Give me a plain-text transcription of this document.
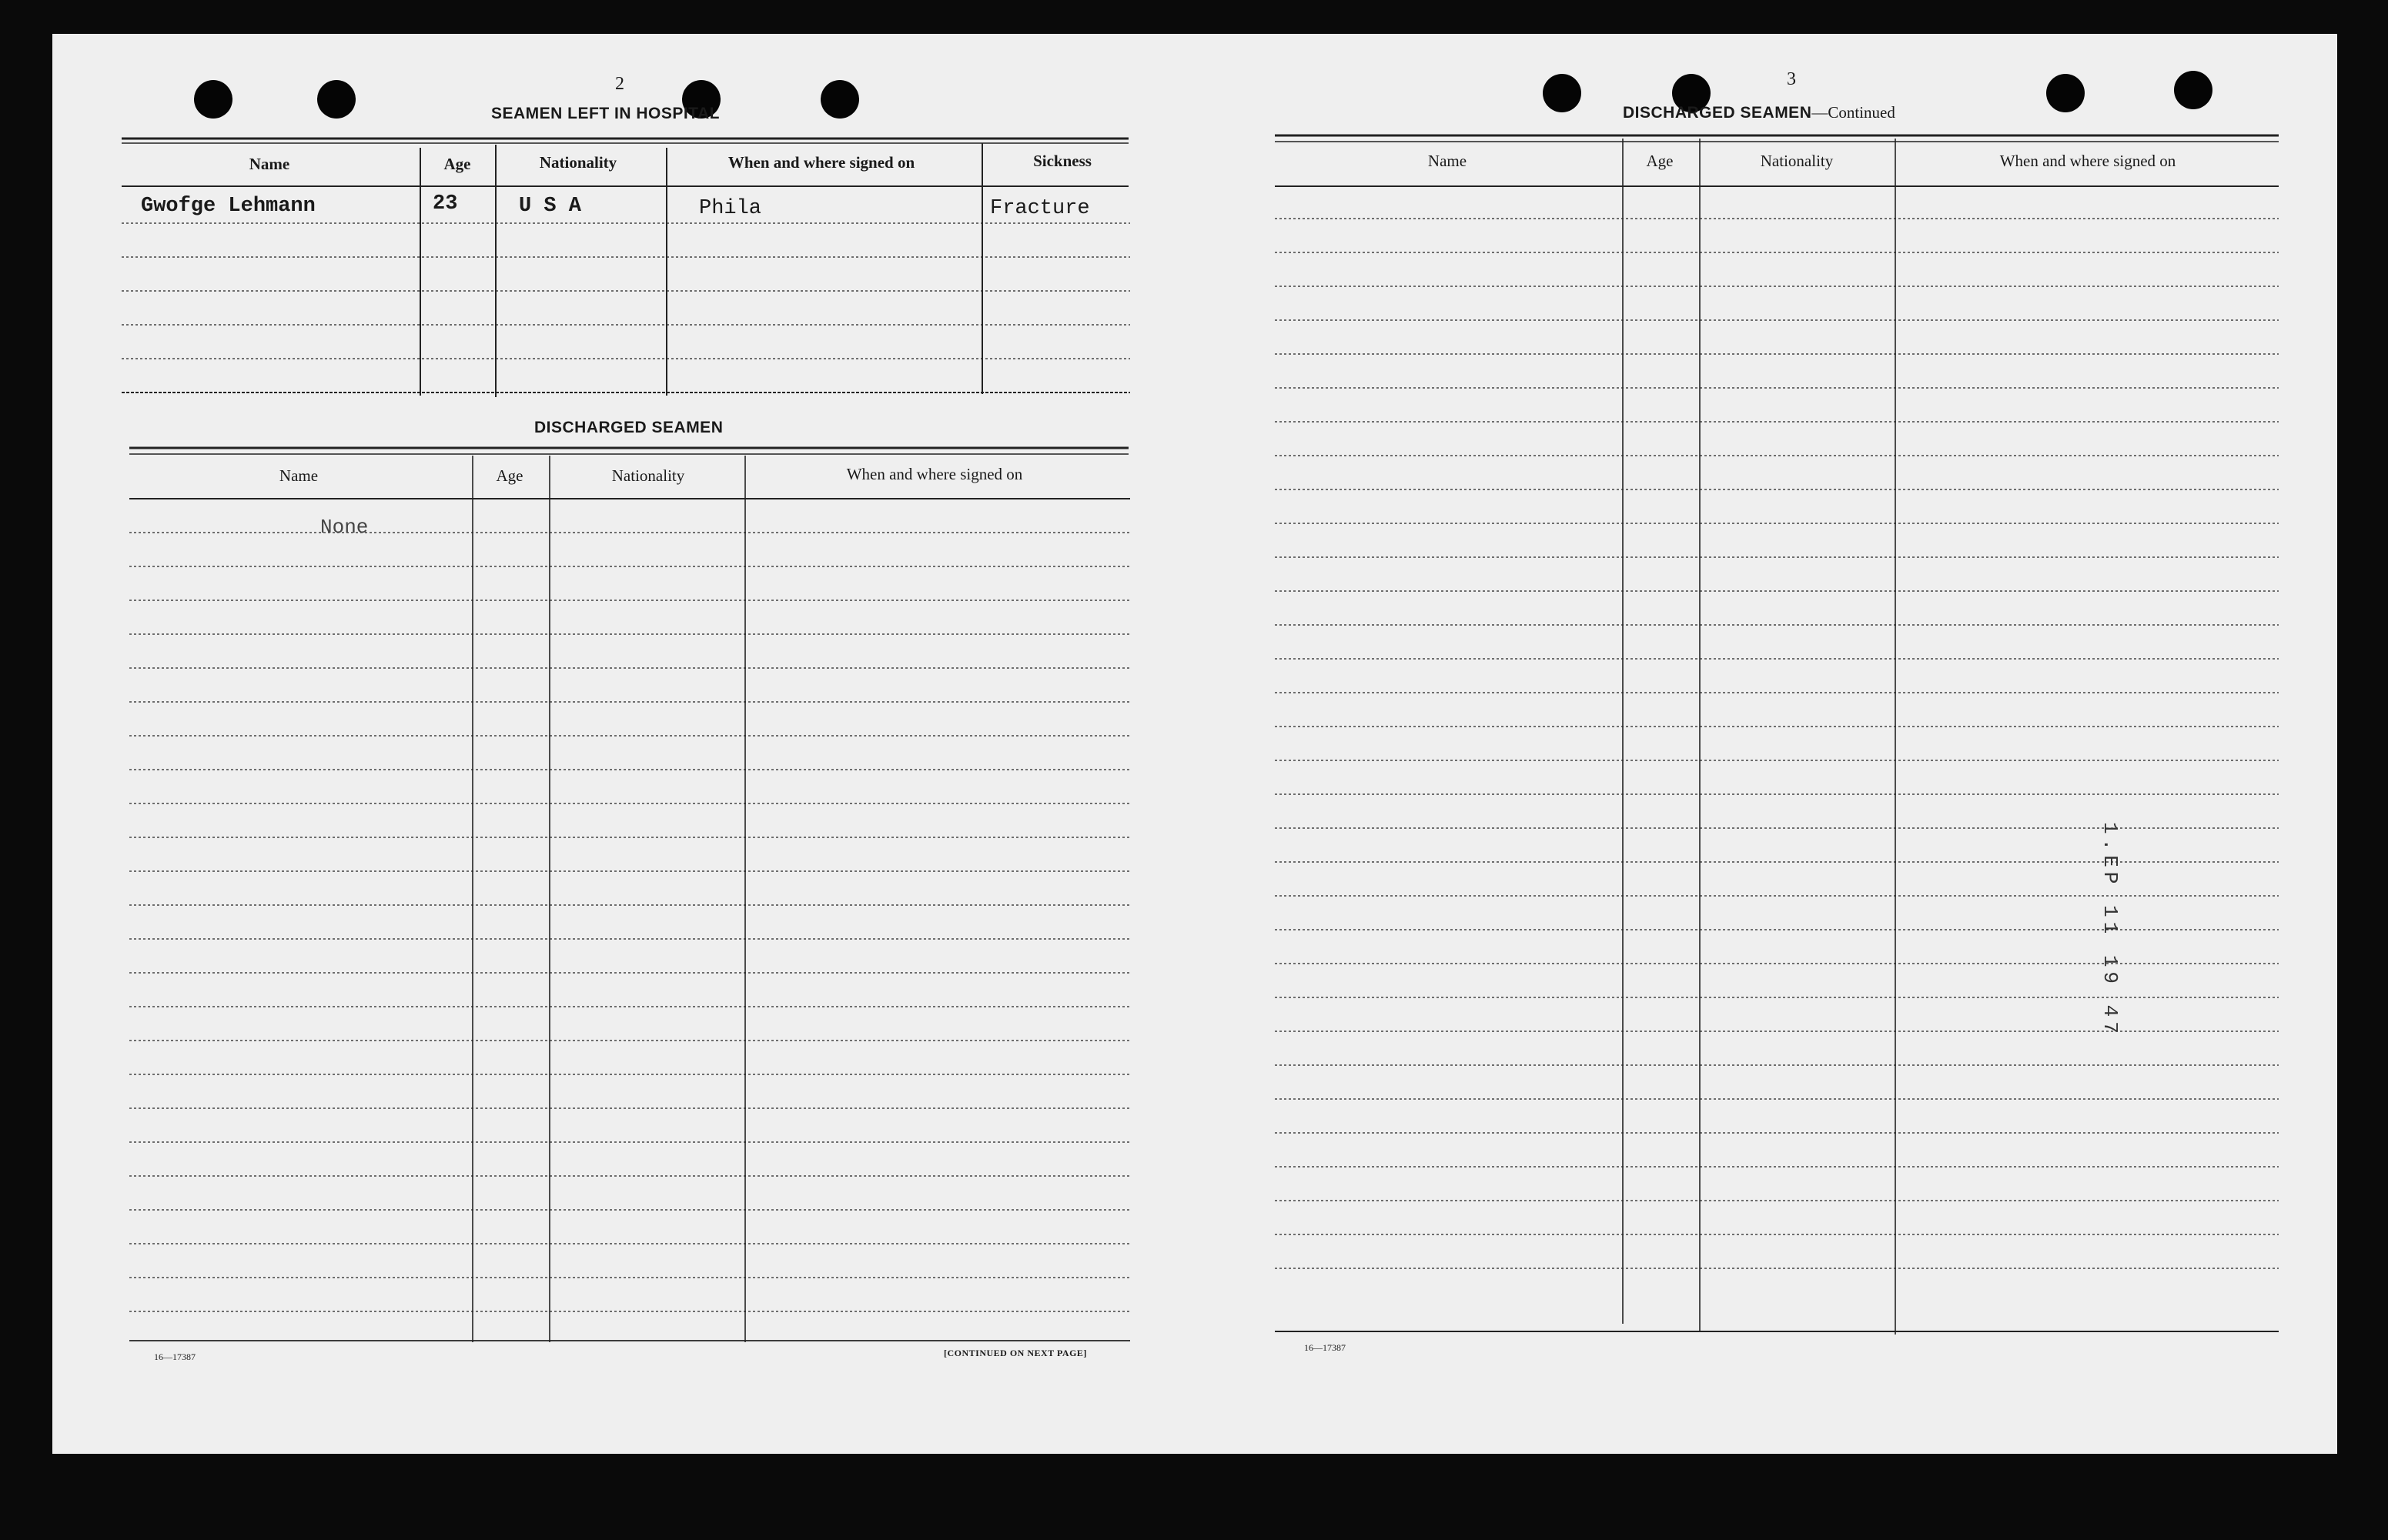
2
SEAMEN LEFT IN HOSPITAL
Name	Age	Nationality	When and where signed on	Sickness
Gwofge Lehmann	23	U S A	Phila	Fracture
DISCHARGED SEAMEN
Name	Age	Nationality	When and where signed on
None
16—17387	[CONTINUED ON NEXT PAGE]
3
DISCHARGED SEAMEN—Continued
Name	Age	Nationality	When and where signed on
1.EP 11 19 47
16—17387
